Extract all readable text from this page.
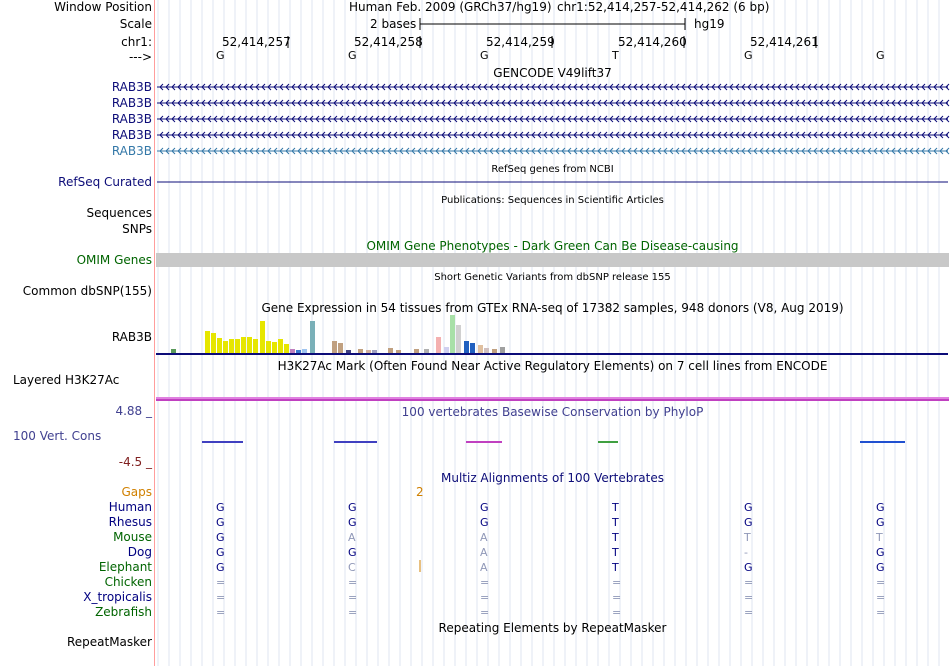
Window Position
Scale
chr1:
--->
Human Feb. 2009 (GRCh37/hg19) chr1:52,414,257-52,414,262 (6 bp)
2 bases	hg19
52,414,257	52,414,258	52,414,259	52,414,260	52,414,261
G	G	G	T	G	G
GENCODE V49lift37
RAB3B
RAB3B
RAB3B
RAB3B
RAB3B
RefSeq genes from NCBI
RefSeq Curated
Publications: Sequences in Scientific Articles
Sequences
SNPs
OMIM Gene Phenotypes - Dark Green Can Be Disease-causing
OMIM Genes
Short Genetic Variants from dbSNP release 155
Common dbSNP(155)
Gene Expression in 54 tissues from GTEx RNA-seq of 17382 samples, 948 donors (V8, Aug 2019)
RAB3B
H3K27Ac Mark (Often Found Near Active Regulatory Elements) on 7 cell lines from ENCODE
Layered H3K27Ac
4.88 _	100 vertebrates Basewise Conservation by PhyloP
100 Vert. Cons
-4.5 _
Multiz Alignments of 100 Vertebrates
Gaps	2
Human	G	G	G	T	G	G
Rhesus	G	G	G	T	G	G
Mouse	G	A	A	T	T	T
Dog	G	G	A	T	-	G
Elephant	G	C	A	T	G	G
Chicken	=	=	=	=	=	=
X_tropicalis	=	=	=	=	=	=
Zebrafish	=	=	=	=	=	=
Repeating Elements by RepeatMasker
RepeatMasker
